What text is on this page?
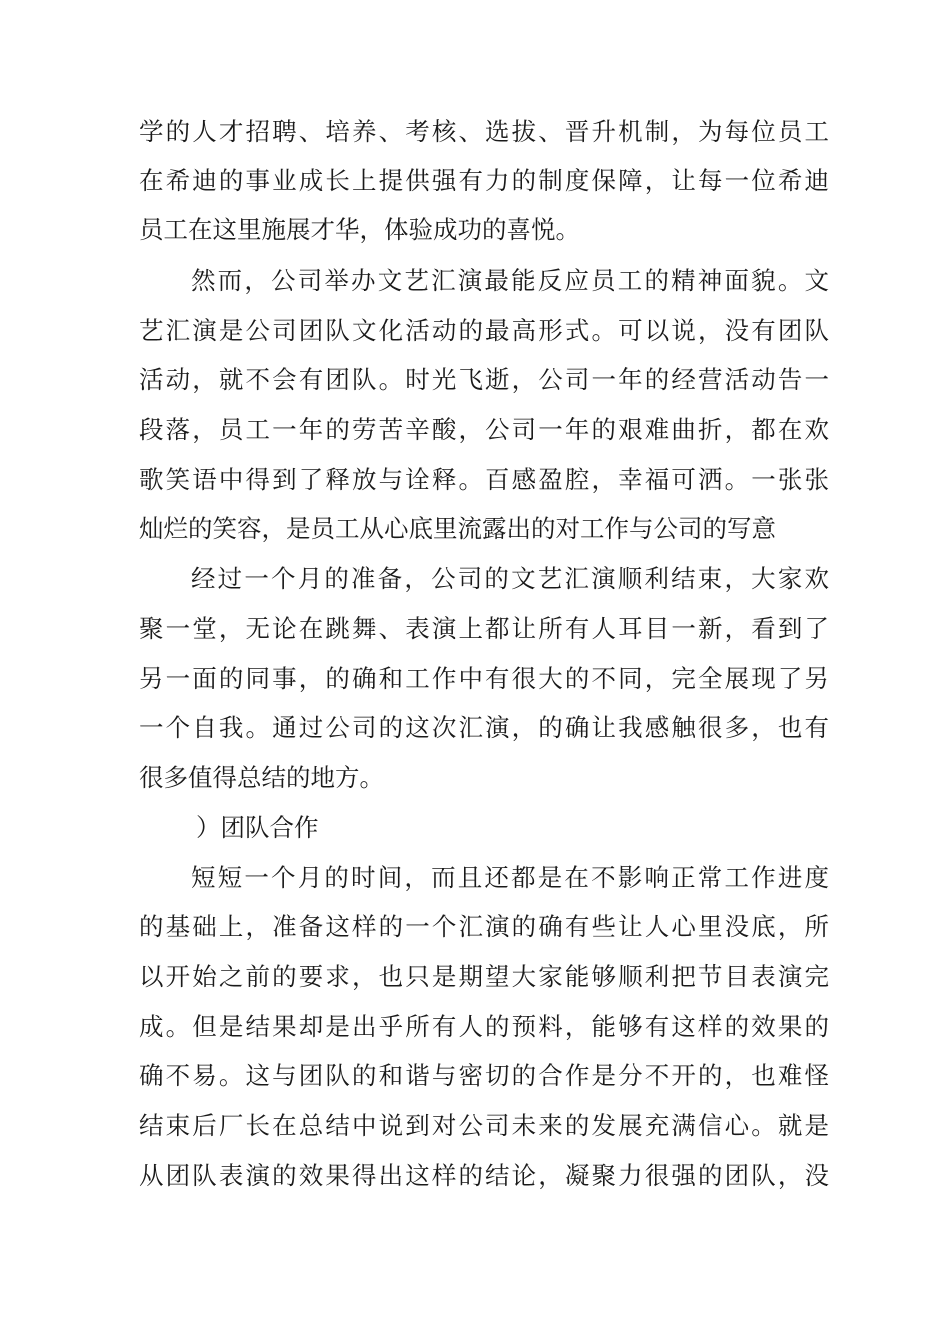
学的人才招聘、培养、考核、选拔、晋升机制，为每位员工
在希迪的事业成长上提供强有力的制度保障，让每一位希迪
员工在这里施展才华，体验成功的喜悦。
然而，公司举办文艺汇演最能反应员工的精神面貌。文
艺汇演是公司团队文化活动的最高形式。可以说，没有团队
活动，就不会有团队。时光飞逝，公司一年的经营活动告一
段落，员工一年的劳苦辛酸，公司一年的艰难曲折，都在欢
歌笑语中得到了释放与诠释。百感盈腔，幸福可洒。一张张
灿烂的笑容，是员工从心底里流露出的对工作与公司的写意
经过一个月的准备，公司的文艺汇演顺利结束，大家欢
聚一堂，无论在跳舞、表演上都让所有人耳目一新，看到了
另一面的同事，的确和工作中有很大的不同，完全展现了另
一个自我。通过公司的这次汇演，的确让我感触很多，也有
很多值得总结的地方。
）团队合作
短短一个月的时间，而且还都是在不影响正常工作进度
的基础上，准备这样的一个汇演的确有些让人心里没底，所
以开始之前的要求，也只是期望大家能够顺利把节目表演完
成。但是结果却是出乎所有人的预料，能够有这样的效果的
确不易。这与团队的和谐与密切的合作是分不开的，也难怪
结束后厂长在总结中说到对公司未来的发展充满信心。就是
从团队表演的效果得出这样的结论，凝聚力很强的团队，没
